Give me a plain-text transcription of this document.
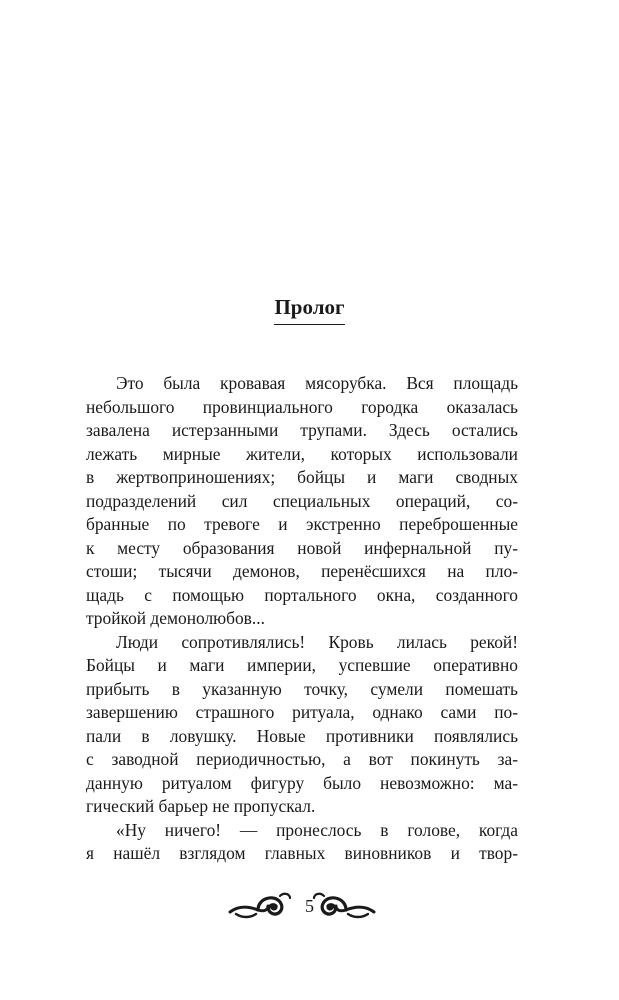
Пролог
Это была кровавая мясорубка. Вся площадь
небольшого провинциального городка оказалась
завалена истерзанными трупами. Здесь остались
лежать мирные жители, которых использовали
в жертвоприношениях; бойцы и маги сводных
подразделений сил специальных операций, со-
бранные по тревоге и экстренно переброшенные
к месту образования новой инфернальной пу-
стоши; тысячи демонов, перенёсшихся на пло-
щадь с помощью портального окна, созданного
тройкой демонолюбов...
Люди сопротивлялись! Кровь лилась рекой!
Бойцы и маги империи, успевшие оперативно
прибыть в указанную точку, сумели помешать
завершению страшного ритуала, однако сами по-
пали в ловушку. Новые противники появлялись
с заводной периодичностью, а вот покинуть за-
данную ритуалом фигуру было невозможно: ма-
гический барьер не пропускал.
«Ну ничего! — пронеслось в голове, когда
я нашёл взглядом главных виновников и твор-
5
